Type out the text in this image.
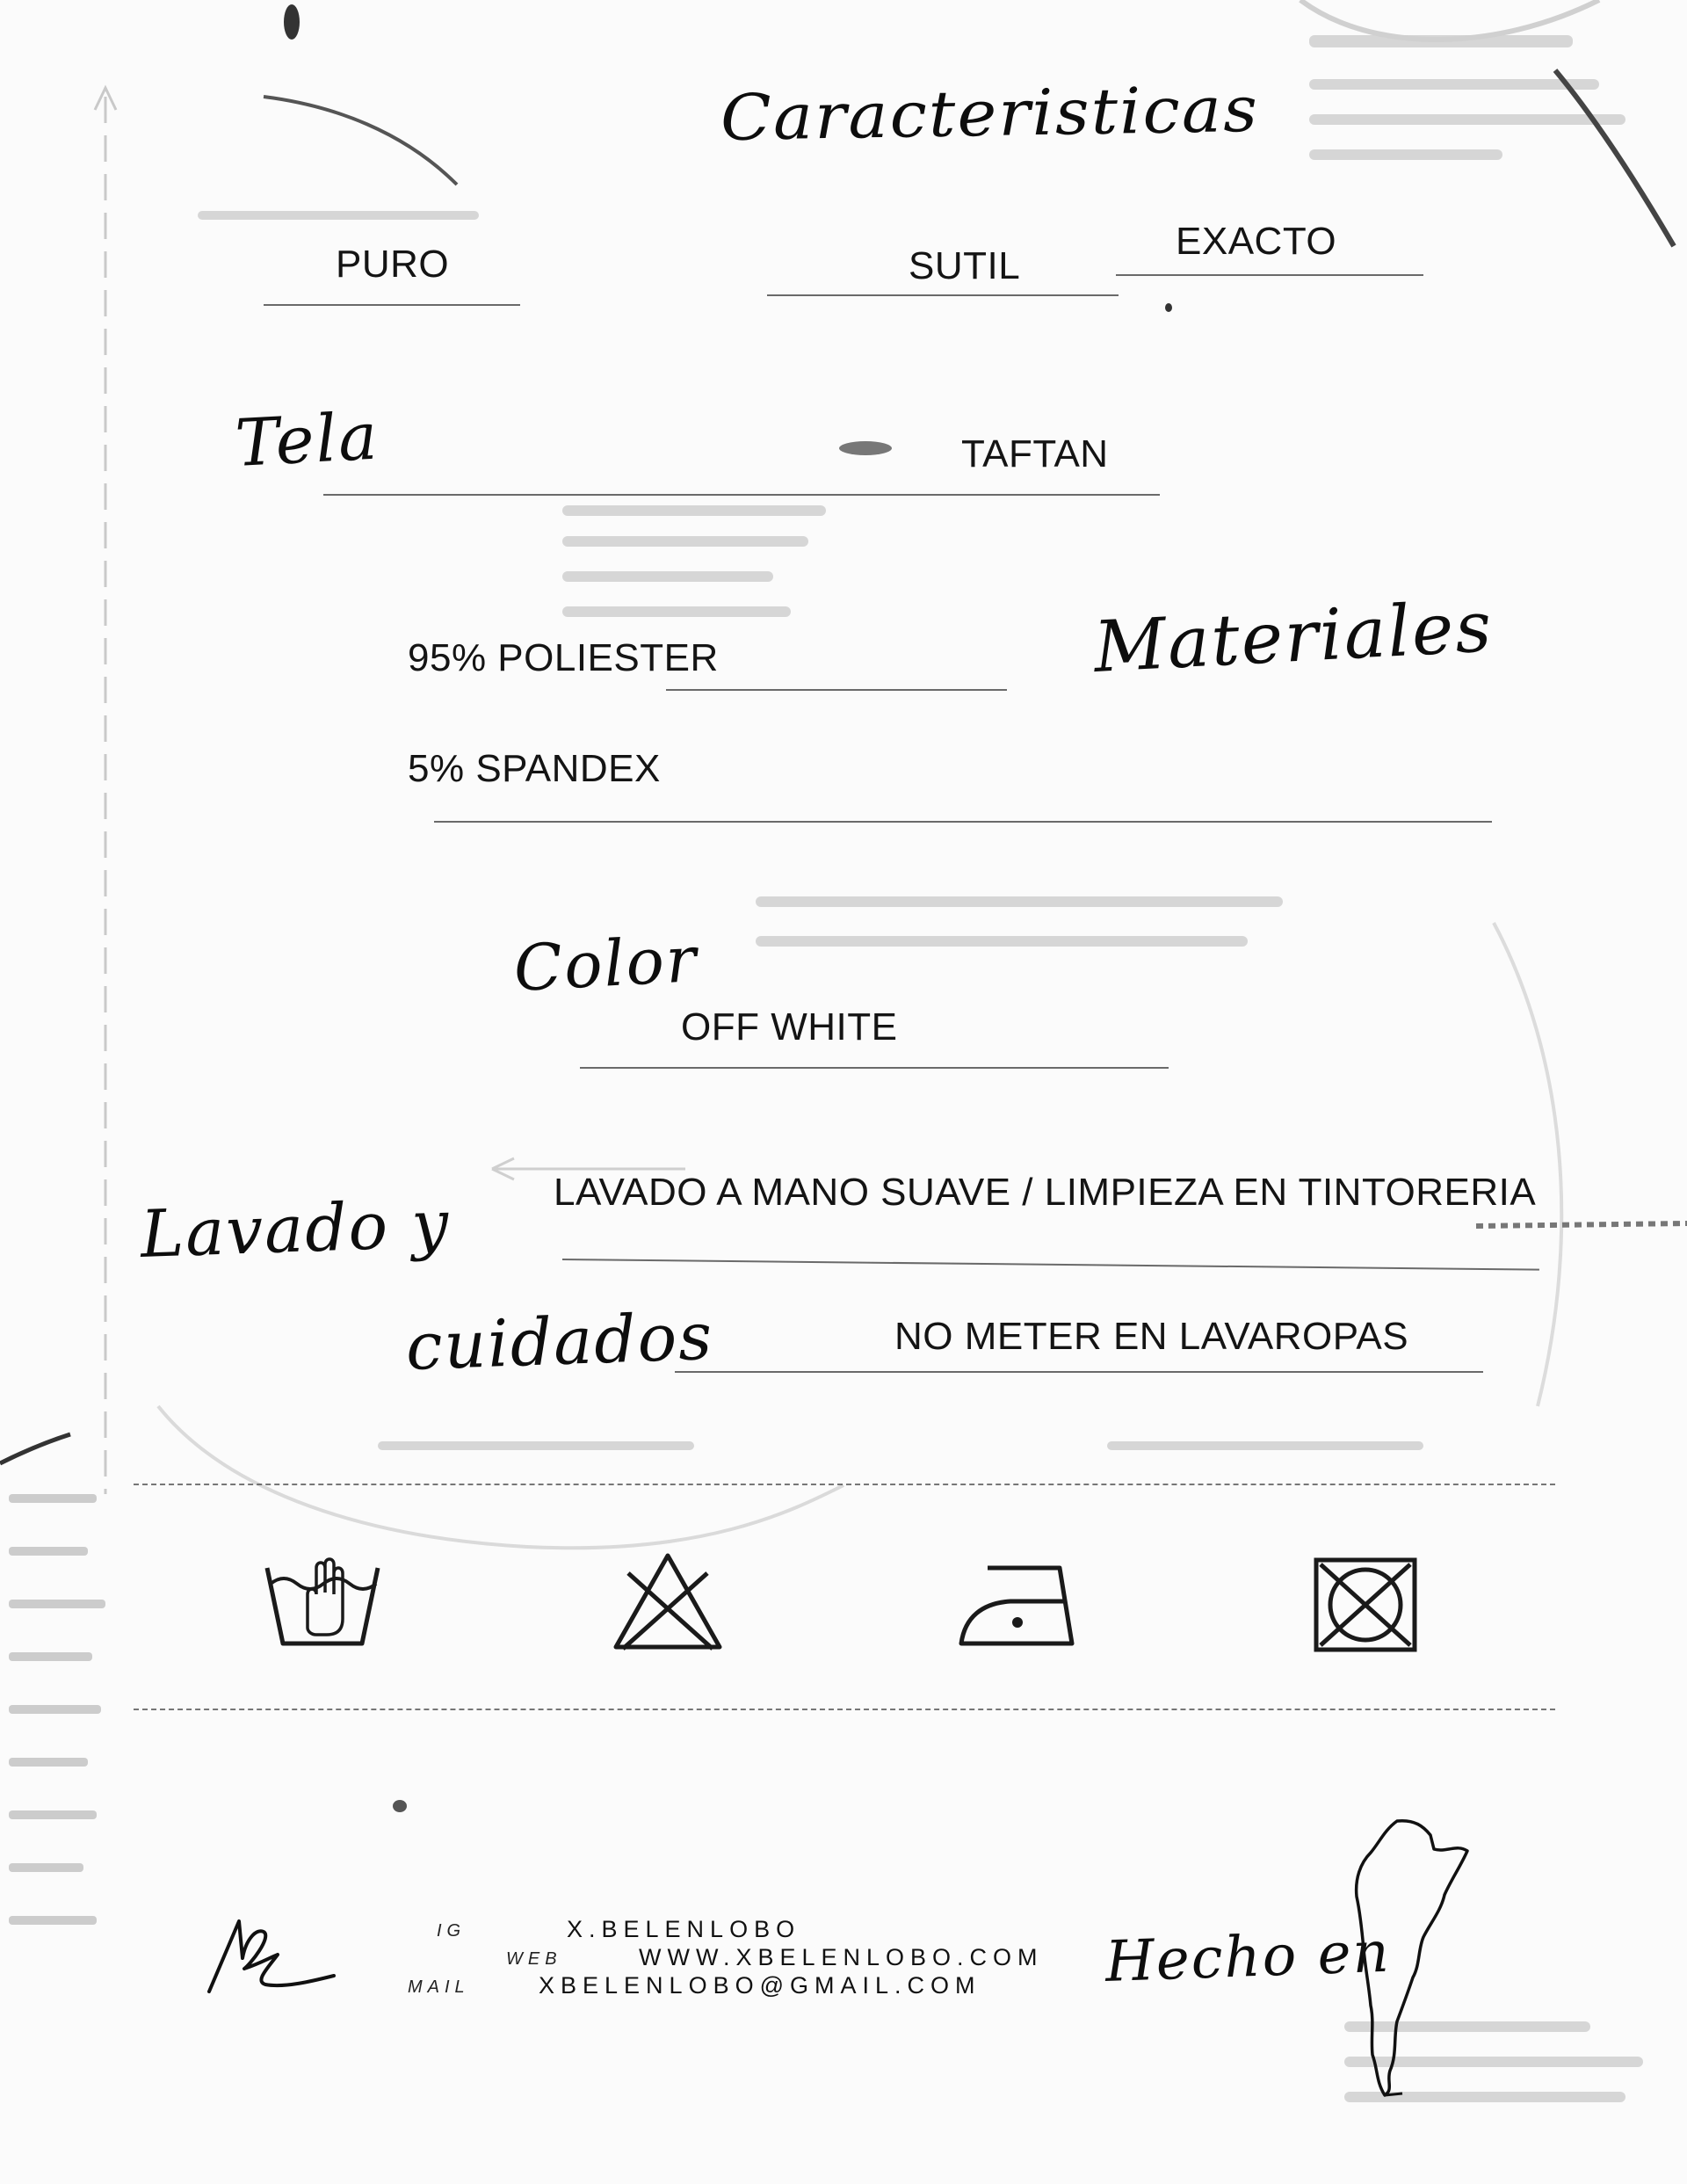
Caracteristicas
PURO	SUTIL
EXACTO
Tela	TAFTAN
Materiales
95% POLIESTER
5% SPANDEX
Color
OFF WHITE
Lavado y
cuidados
LAVADO A MANO SUAVE / LIMPIEZA EN TINTORERIA
NO METER EN LAVAROPAS
IG	X.BELENLOBO
WEB	WWW.XBELENLOBO.COM
MAIL	XBELENLOBO@GMAIL.COM Hecho en
